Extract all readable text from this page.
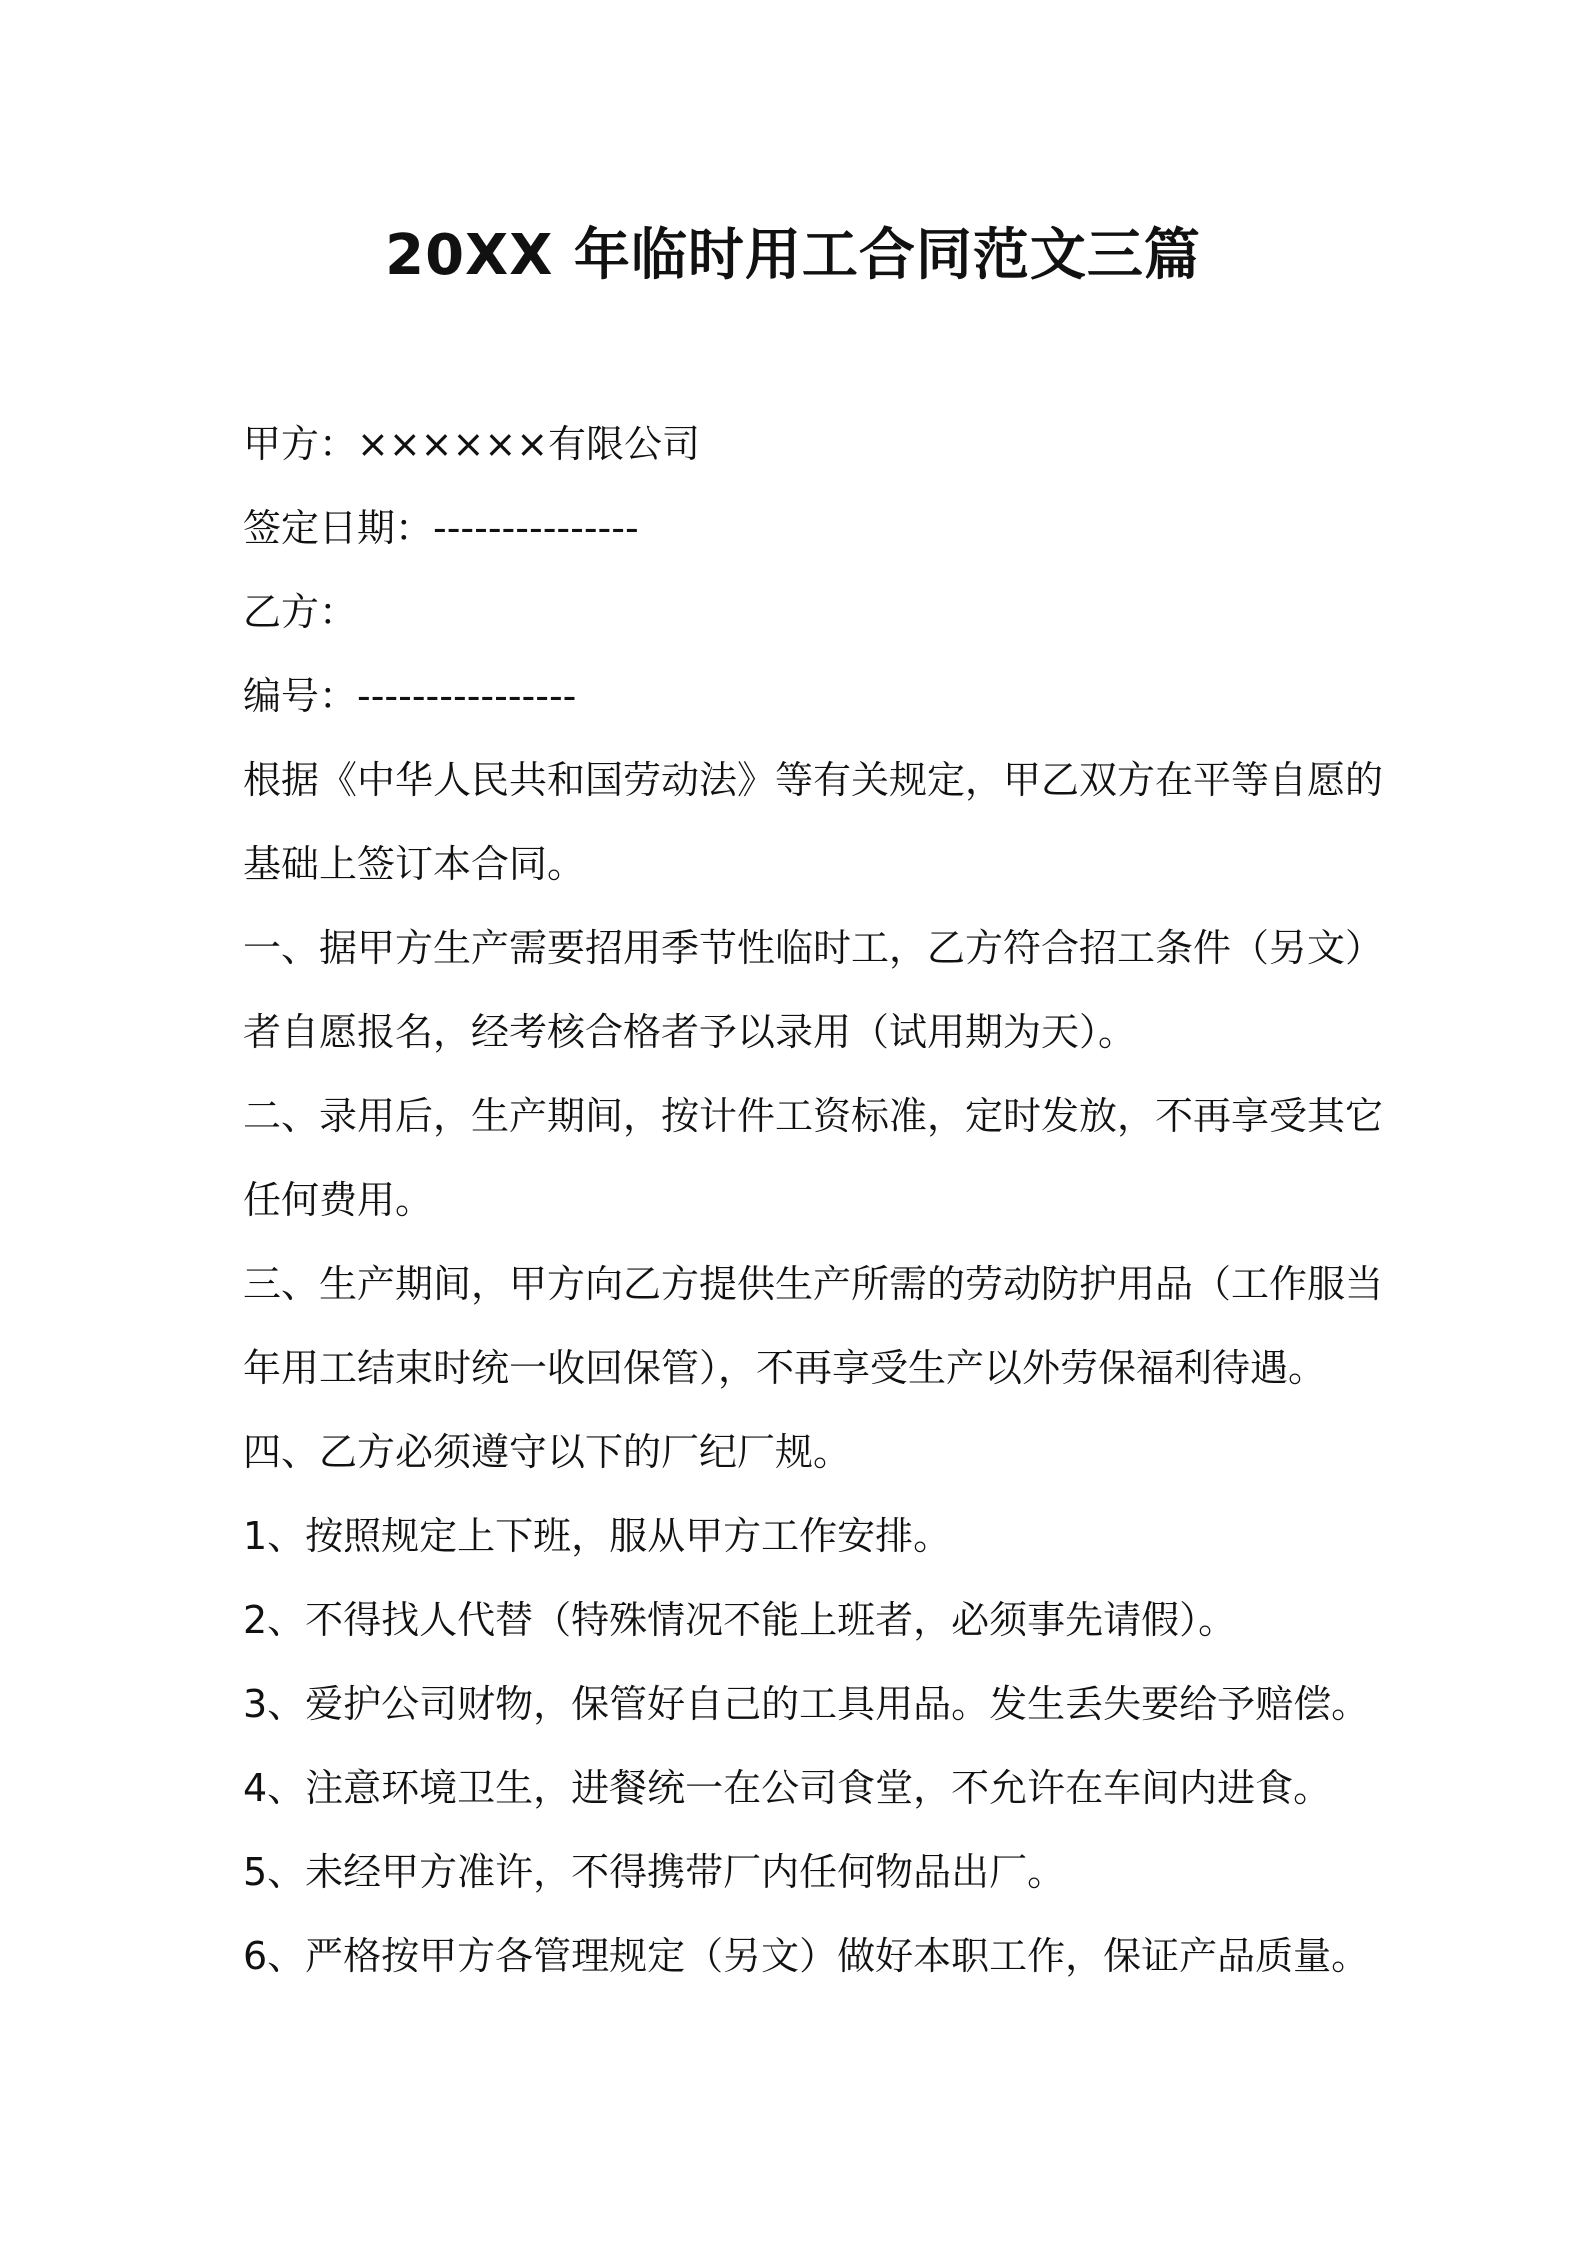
20XX 年临时用工合同范文三篇

甲方：××××××有限公司

签定日期：---------------

乙方：

编号：----------------

根据《中华人民共和国劳动法》等有关规定，甲乙双方在平等自愿的

基础上签订本合同。

一、据甲方生产需要招用季节性临时工，乙方符合招工条件（另文）

者自愿报名，经考核合格者予以录用（试用期为天）。

二、录用后，生产期间，按计件工资标准，定时发放，不再享受其它

任何费用。

三、生产期间，甲方向乙方提供生产所需的劳动防护用品（工作服当

年用工结束时统一收回保管），不再享受生产以外劳保福利待遇。

四、乙方必须遵守以下的厂纪厂规。

1、按照规定上下班，服从甲方工作安排。

2、不得找人代替（特殊情况不能上班者，必须事先请假）。

3、爱护公司财物，保管好自己的工具用品。发生丢失要给予赔偿。

4、注意环境卫生，进餐统一在公司食堂，不允许在车间内进食。

5、未经甲方准许，不得携带厂内任何物品出厂。

6、严格按甲方各管理规定（另文）做好本职工作，保证产品质量。
